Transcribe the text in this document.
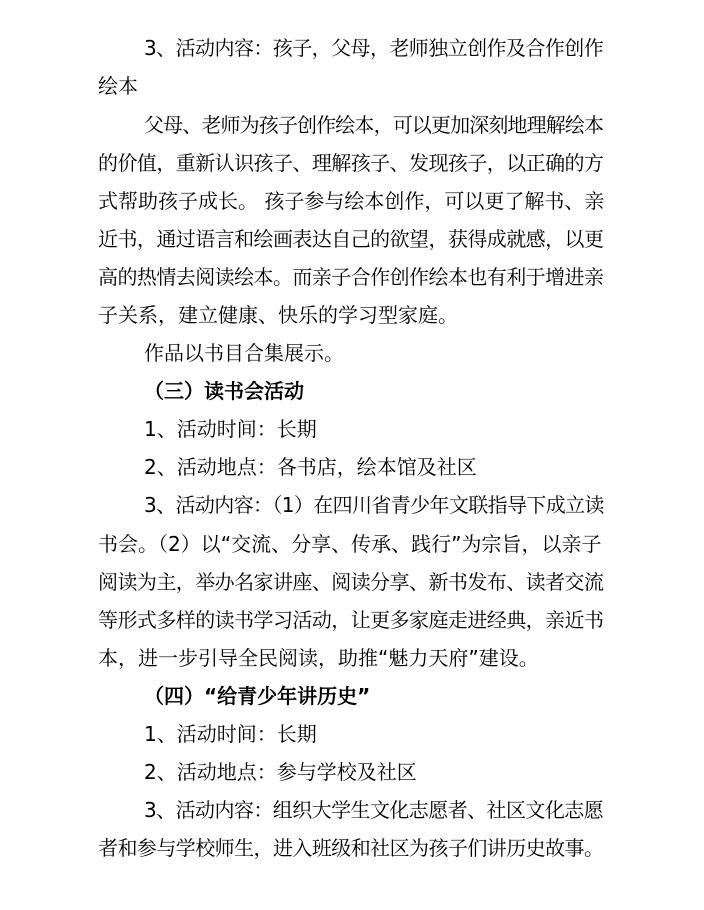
3、活动内容：孩子，父母，老师独立创作及合作创作
绘本
父母、老师为孩子创作绘本，可以更加深刻地理解绘本
的价值，重新认识孩子、理解孩子、发现孩子，以正确的方
式帮助孩子成长。 孩子参与绘本创作，可以更了解书、亲
近书，通过语言和绘画表达自己的欲望，获得成就感，以更
高的热情去阅读绘本。而亲子合作创作绘本也有利于增进亲
子关系，建立健康、快乐的学习型家庭。
作品以书目合集展示。
（三）读书会活动
1、活动时间：长期
2、活动地点：各书店，绘本馆及社区
3、活动内容：（1）在四川省青少年文联指导下成立读
书会。（2）以“交流、分享、传承、践行”为宗旨，以亲子
阅读为主，举办名家讲座、阅读分享、新书发布、读者交流
等形式多样的读书学习活动，让更多家庭走进经典，亲近书
本，进一步引导全民阅读，助推“魅力天府”建设。
（四）“给青少年讲历史”
1、活动时间：长期
2、活动地点：参与学校及社区
3、活动内容：组织大学生文化志愿者、社区文化志愿
者和参与学校师生，进入班级和社区为孩子们讲历史故事。
